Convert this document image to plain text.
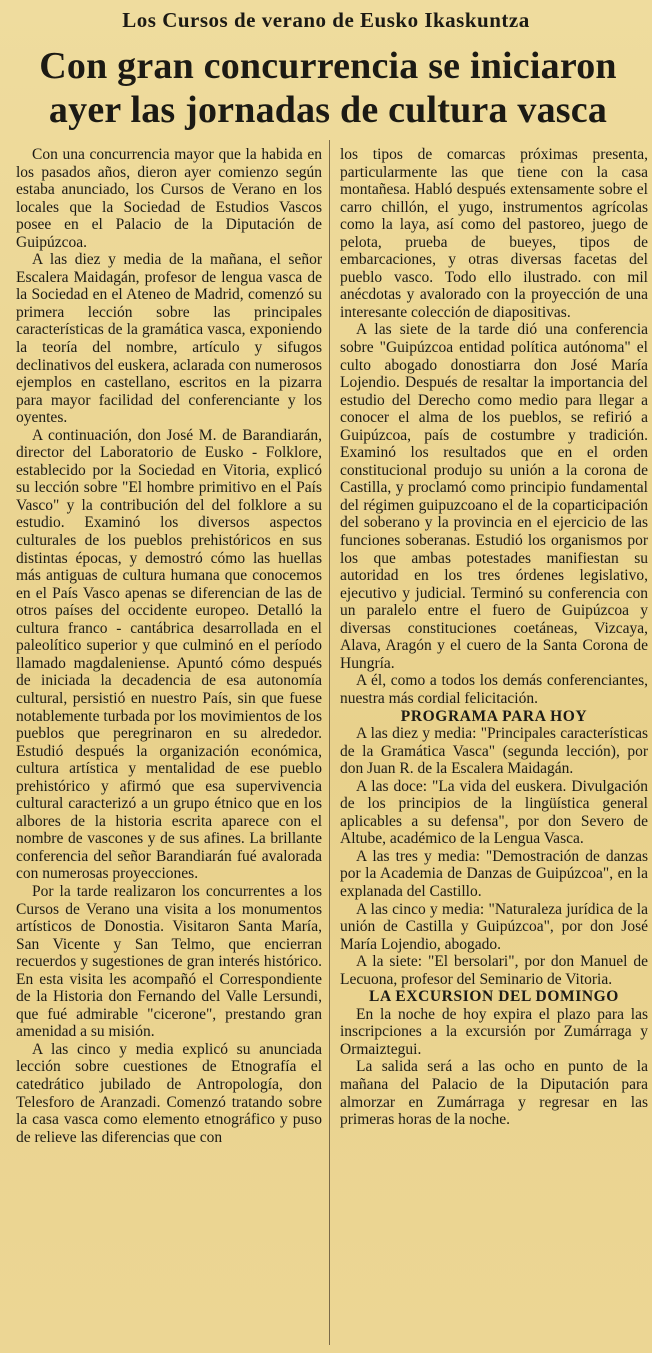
Los Cursos de verano de Eusko Ikaskuntza
Con gran concurrencia se iniciaron
ayer las jornadas de cultura vasca

Con una concurrencia mayor que la habida en los pasados años, dieron ayer comienzo según estaba anunciado, los Cursos de Verano en los locales que la Sociedad de Estudios Vascos posee en el Palacio de la Diputación de Guipúzcoa.

A las diez y media de la mañana, el señor Escalera Maidagán, profesor de lengua vasca de la Sociedad en el Ateneo de Madrid, comenzó su primera lección sobre las principales características de la gramática vasca, exponiendo la teoría del nombre, artículo y sifugos declinativos del euskera, aclarada con numerosos ejemplos en castellano, escritos en la pizarra para mayor facilidad del conferenciante y los oyentes.

A continuación, don José M. de Barandiarán, director del Laboratorio de Eusko - Folklore, establecido por la Sociedad en Vitoria, explicó su lección sobre "El hombre primitivo en el País Vasco" y la contribución del del folklore a su estudio. Examinó los diversos aspectos culturales de los pueblos prehistóricos en sus distintas épocas, y demostró cómo las huellas más antiguas de cultura humana que conocemos en el País Vasco apenas se diferencian de las de otros países del occidente europeo. Detalló la cultura franco - cantábrica desarrollada en el paleolítico superior y que culminó en el período llamado magdaleniense. Apuntó cómo después de iniciada la decadencia de esa autonomía cultural, persistió en nuestro País, sin que fuese notablemente turbada por los movimientos de los pueblos que peregrinaron en su alrededor. Estudió después la organización económica, cultura artística y mentalidad de ese pueblo prehistórico y afirmó que esa supervivencia cultural caracterizó a un grupo étnico que en los albores de la historia escrita aparece con el nombre de vascones y de sus afines. La brillante conferencia del señor Barandiarán fué avalorada con numerosas proyecciones.

Por la tarde realizaron los concurrentes a los Cursos de Verano una visita a los monumentos artísticos de Donostia. Visitaron Santa María, San Vicente y San Telmo, que encierran recuerdos y sugestiones de gran interés histórico. En esta visita les acompañó el Correspondiente de la Historia don Fernando del Valle Lersundi, que fué admirable "cicerone", prestando gran amenidad a su misión.

A las cinco y media explicó su anunciada lección sobre cuestiones de Etnografía el catedrático jubilado de Antropología, don Telesforo de Aranzadi. Comenzó tratando sobre la casa vasca como elemento etnográfico y puso de relieve las diferencias que con

los tipos de comarcas próximas presenta, particularmente las que tiene con la casa montañesa. Habló después extensamente sobre el carro chillón, el yugo, instrumentos agrícolas como la laya, así como del pastoreo, juego de pelota, prueba de bueyes, tipos de embarcaciones, y otras diversas facetas del pueblo vasco. Todo ello ilustrado. con mil anécdotas y avalorado con la proyección de una interesante colección de diapositivas.

A las siete de la tarde dió una conferencia sobre "Guipúzcoa entidad política autónoma" el culto abogado donostiarra don José María Lojendio. Después de resaltar la importancia del estudio del Derecho como medio para llegar a conocer el alma de los pueblos, se refirió a Guipúzcoa, país de costumbre y tradición. Examinó los resultados que en el orden constitucional produjo su unión a la corona de Castilla, y proclamó como principio fundamental del régimen guipuzcoano el de la coparticipación del soberano y la provincia en el ejercicio de las funciones soberanas. Estudió los organismos por los que ambas potestades manifiestan su autoridad en los tres órdenes legislativo, ejecutivo y judicial. Terminó su conferencia con un paralelo entre el fuero de Guipúzcoa y diversas constituciones coetáneas, Vizcaya, Alava, Aragón y el cuero de la Santa Corona de Hungría.

A él, como a todos los demás conferenciantes, nuestra más cordial felicitación.

PROGRAMA PARA HOY

A las diez y media: "Principales características de la Gramática Vasca" (segunda lección), por don Juan R. de la Escalera Maidagán.

A las doce: "La vida del euskera. Divulgación de los principios de la lingüística general aplicables a su defensa", por don Severo de Altube, académico de la Lengua Vasca.

A las tres y media: "Demostración de danzas por la Academia de Danzas de Guipúzcoa", en la explanada del Castillo.

A las cinco y media: "Naturaleza jurídica de la unión de Castilla y Guipúzcoa", por don José María Lojendio, abogado.

A la siete: "El bersolari", por don Manuel de Lecuona, profesor del Seminario de Vitoria.

LA EXCURSION DEL DOMINGO

En la noche de hoy expira el plazo para las inscripciones a la excursión por Zumárraga y Ormaiztegui.

La salida será a las ocho en punto de la mañana del Palacio de la Diputación para almorzar en Zumárraga y regresar en las primeras horas de la noche.
